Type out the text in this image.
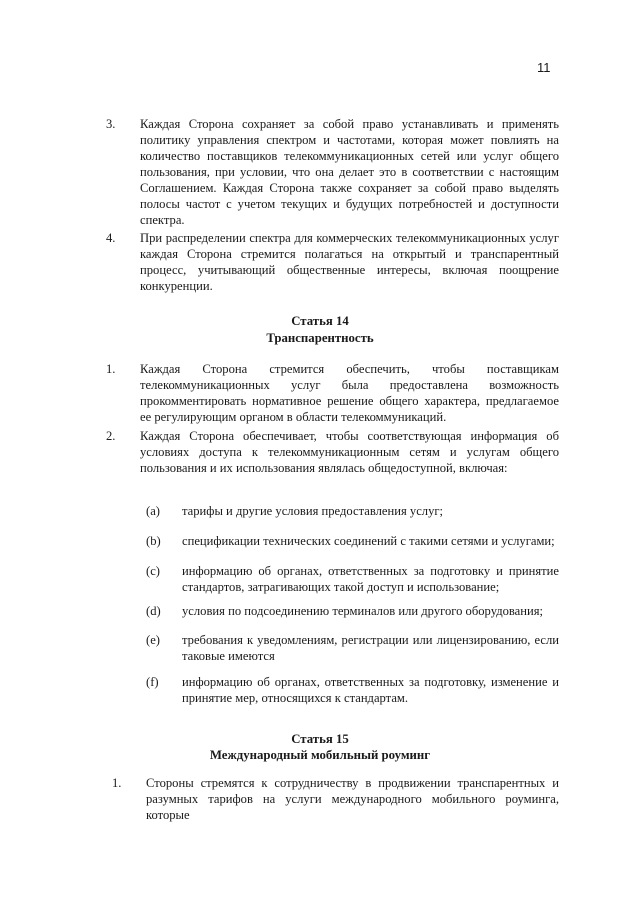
11
3. Каждая Сторона сохраняет за собой право устанавливать и применять политику управления спектром и частотами, которая может повлиять на количество поставщиков телекоммуникационных сетей или услуг общего пользования, при условии, что она делает это в соответствии с настоящим Соглашением. Каждая Сторона также сохраняет за собой право выделять полосы частот с учетом текущих и будущих потребностей и доступности спектра.
4. При распределении спектра для коммерческих телекоммуникационных услуг каждая Сторона стремится полагаться на открытый и транспарентный процесс, учитывающий общественные интересы, включая поощрение конкуренции.
Статья 14
Транспарентность
1. Каждая Сторона стремится обеспечить, чтобы поставщикам телекоммуникационных услуг была предоставлена возможность прокомментировать нормативное решение общего характера, предлагаемое ее регулирующим органом в области телекоммуникаций.
2. Каждая Сторона обеспечивает, чтобы соответствующая информация об условиях доступа к телекоммуникационным сетям и услугам общего пользования и их использования являлась общедоступной, включая:
(a) тарифы и другие условия предоставления услуг;
(b) спецификации технических соединений с такими сетями и услугами;
(c) информацию об органах, ответственных за подготовку и принятие стандартов, затрагивающих такой доступ и использование;
(d) условия по подсоединению терминалов или другого оборудования;
(e) требования к уведомлениям, регистрации или лицензированию, если таковые имеются
(f) информацию об органах, ответственных за подготовку, изменение и принятие мер, относящихся к стандартам.
Статья 15
Международный мобильный роуминг
1. Стороны стремятся к сотрудничеству в продвижении транспарентных и разумных тарифов на услуги международного мобильного роуминга, которые
